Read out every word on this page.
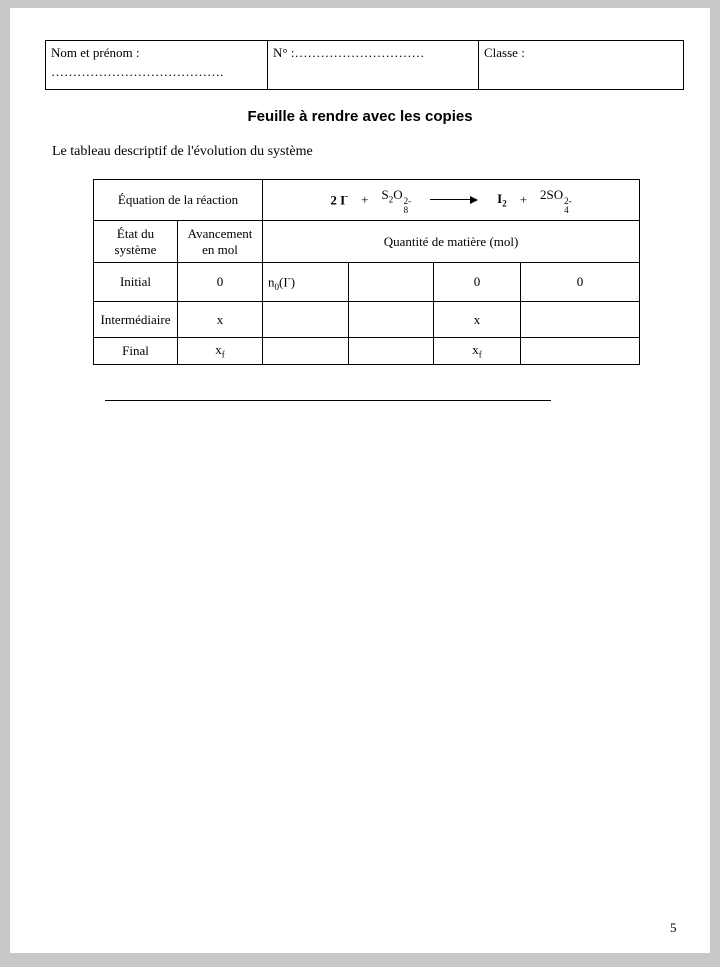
Nom et prénom :
………………………………….
	N° :…………………………	Classe :
Feuille à rendre avec les copies
Le tableau descriptif de l'évolution du système
Équation de la réaction	2 $I^- + S_2O$ 2-
8
$I_2 + 2SO$ 2-
4

État du système	Avancement en mol	Quantité de matière (mol)			
Initial	0	$n_0(I^-)$		0	0
Intermédiaire	x			x	
Final	$x_f$			$x_f$	
5
